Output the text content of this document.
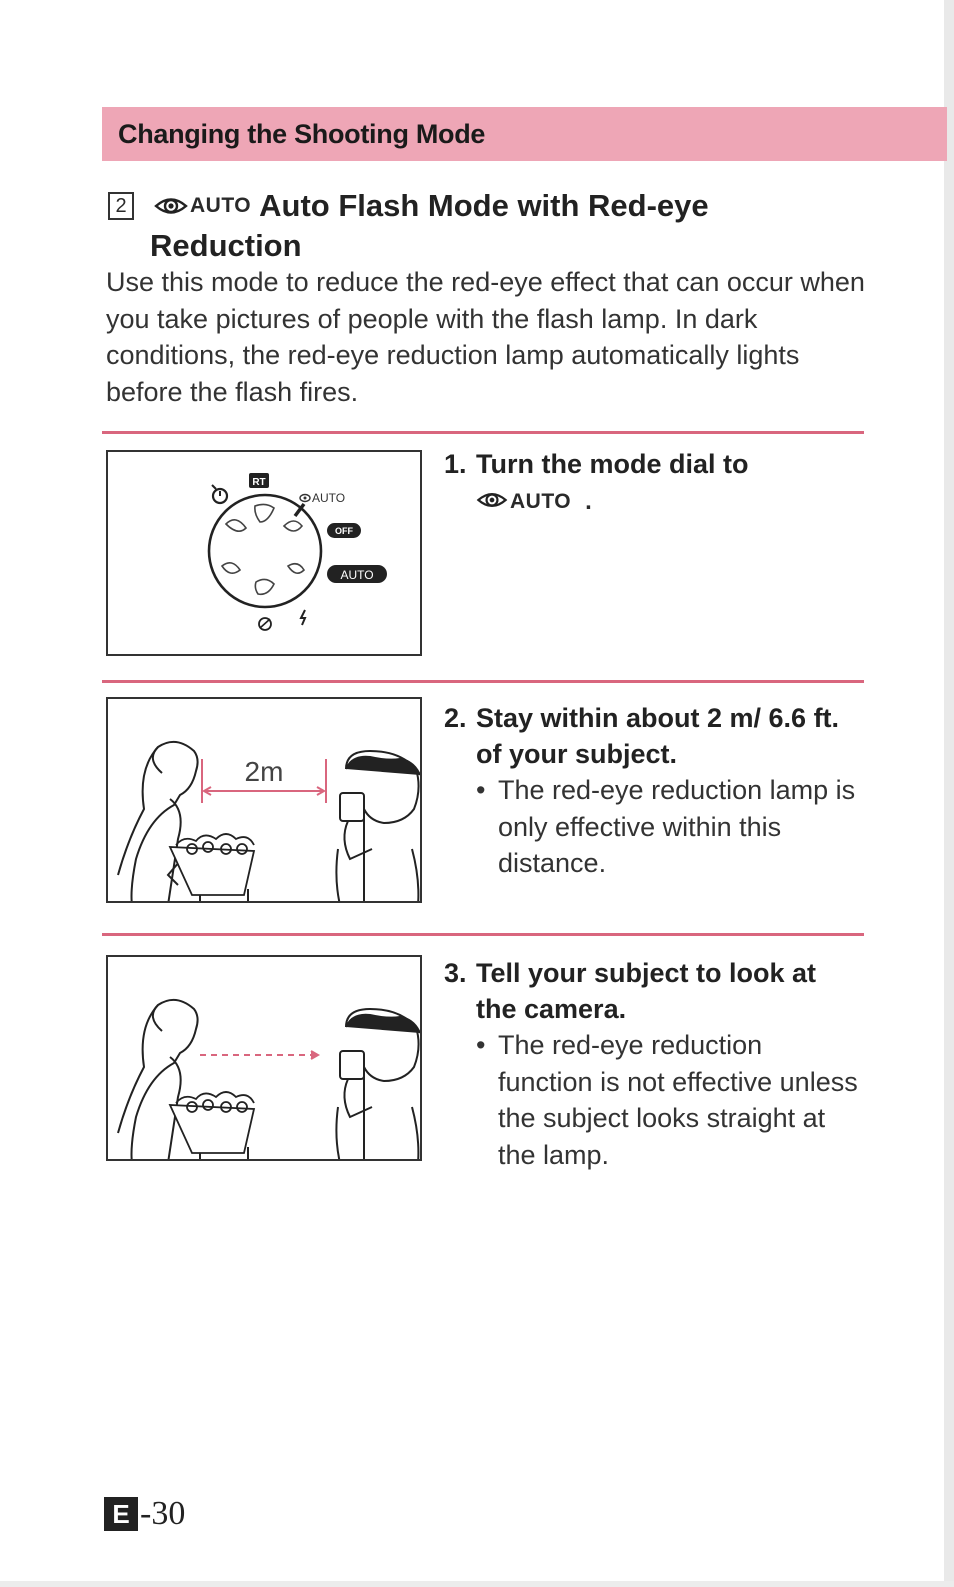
Changing the Shooting Mode
2	AUTO Auto Flash Mode with Red-eye
Reduction
Use this mode to reduce the red-eye effect that can occur when you take pictures of people with the flash lamp. In dark conditions, the red-eye reduction lamp automatically lights before the flash fires.
RT
AUTO
OFF
AUTO
1. Turn the mode dial to
AUTO .
2m
2. Stay within about 2 m/ 6.6 ft. of your subject.
• The red-eye reduction lamp is only effective within this distance.
3. Tell your subject to look at the camera.
• The red-eye reduction function is not effective unless the subject looks straight at the lamp.
E -30
